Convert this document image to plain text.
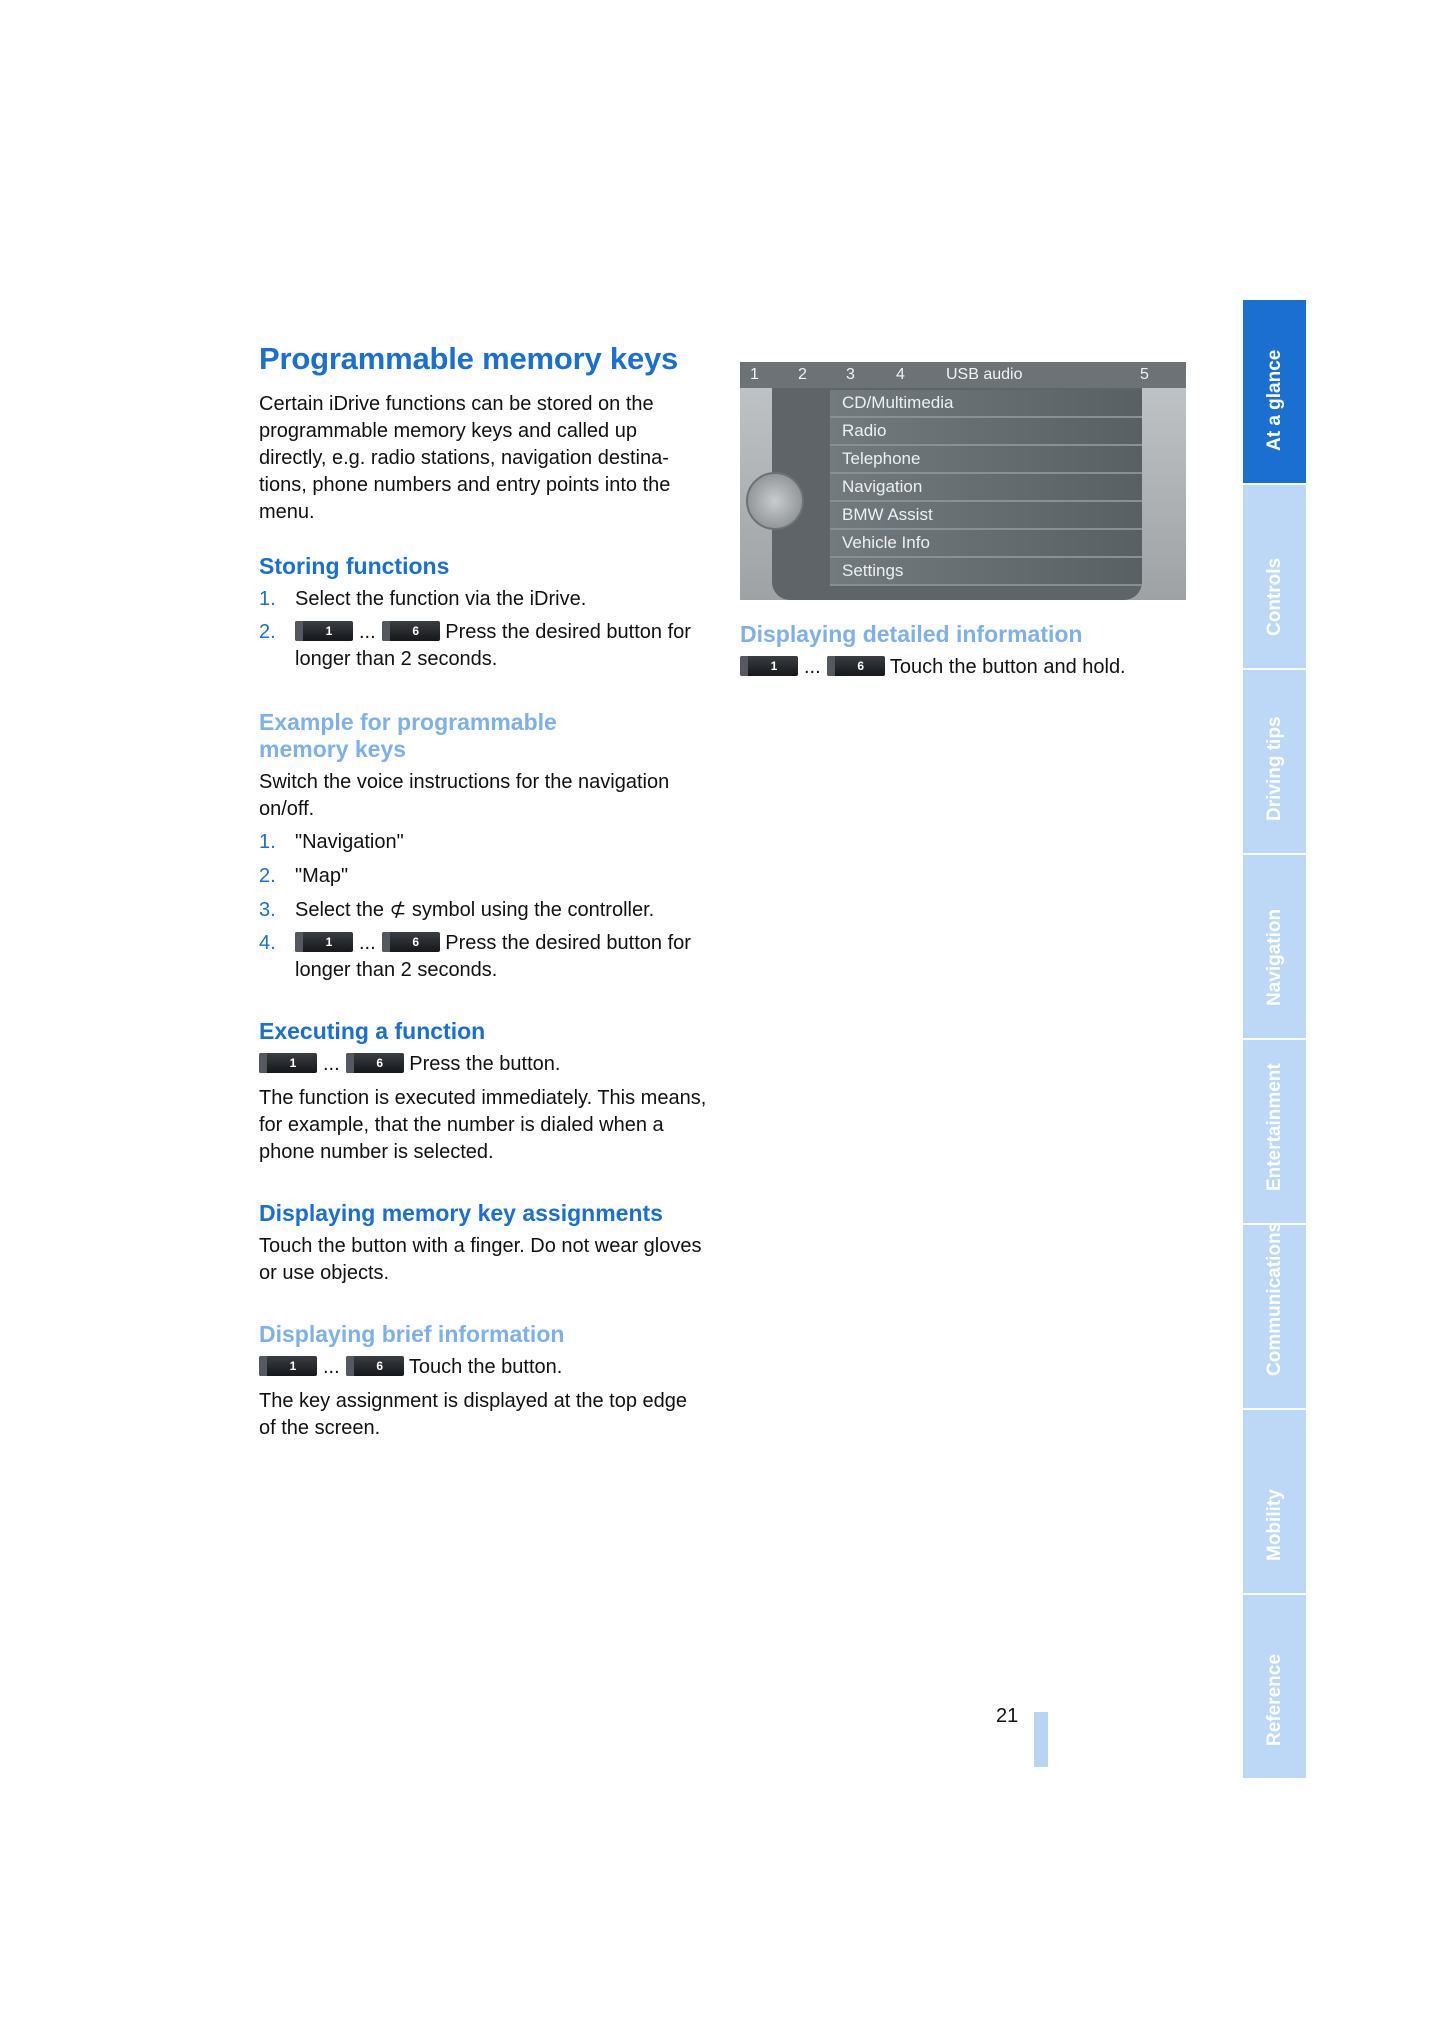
Programmable memory keys

Certain iDrive functions can be stored on the programmable memory keys and called up directly, e.g. radio stations, navigation destina-tions, phone numbers and entry points into the menu.

Storing functions
1. Select the function via the iDrive.
2.	1	...	6	Press the desired button for longer than 2 seconds.
Example for programmable memory keys

Switch the voice instructions for the navigation on/off.

1. "Navigation"
2. "Map"
3. Select the ⊄ symbol using the controller.
4.	1	...	6	Press the desired button for longer than 2 seconds.
Executing a function
1	...	6	Press the button.

The function is executed immediately. This means, for example, that the number is dialed when a phone number is selected.

Displaying memory key assignments

Touch the button with a finger. Do not wear gloves or use objects.

Displaying brief information
1	...	6	Touch the button.

The key assignment is displayed at the top edge of the screen.

1 2 3	4	USB audio	5
CD/Multimedia
Radio
Telephone
Navigation
BMW Assist
Vehicle Info
Settings
Displaying detailed information
1	...	6	Touch the button and hold.
At a glance
Controls
Driving tips
Navigation
Entertainment
Communications
Mobility
Reference
21
